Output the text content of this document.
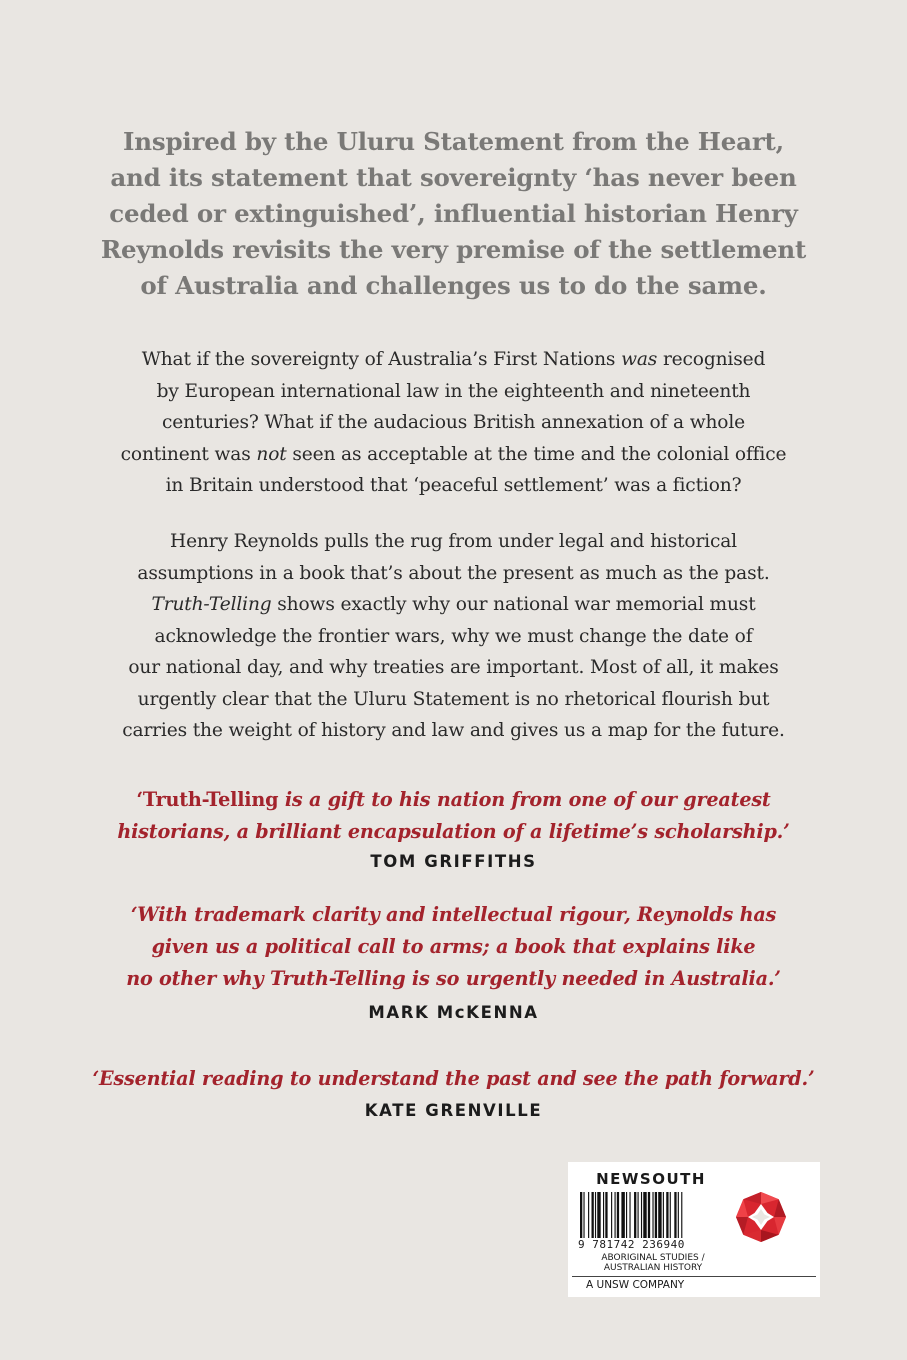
Inspired by the Uluru Statement from the Heart,
and its statement that sovereignty ‘has never been
ceded or extinguished’, influential historian Henry
Reynolds revisits the very premise of the settlement
of Australia and challenges us to do the same.
What if the sovereignty of Australia’s First Nations was recognised
by European international law in the eighteenth and nineteenth
centuries? What if the audacious British annexation of a whole
continent was not seen as acceptable at the time and the colonial office
in Britain understood that ‘peaceful settlement’ was a fiction?
Henry Reynolds pulls the rug from under legal and historical
assumptions in a book that’s about the present as much as the past.
Truth-Telling shows exactly why our national war memorial must
acknowledge the frontier wars, why we must change the date of
our national day, and why treaties are important. Most of all, it makes
urgently clear that the Uluru Statement is no rhetorical flourish but
carries the weight of history and law and gives us a map for the future.
‘Truth-Telling is a gift to his nation from one of our greatest
historians, a brilliant encapsulation of a lifetime’s scholarship.’
TOM GRIFFITHS
‘With trademark clarity and intellectual rigour, Reynolds has
given us a political call to arms; a book that explains like
no other why Truth-Telling is so urgently needed in Australia.’
MARK McKENNA
‘Essential reading to understand the past and see the path forward.’
KATE GRENVILLE
NEWSOUTH
9 781742 236940
ABORIGINAL STUDIES /
AUSTRALIAN HISTORY
A UNSW COMPANY
